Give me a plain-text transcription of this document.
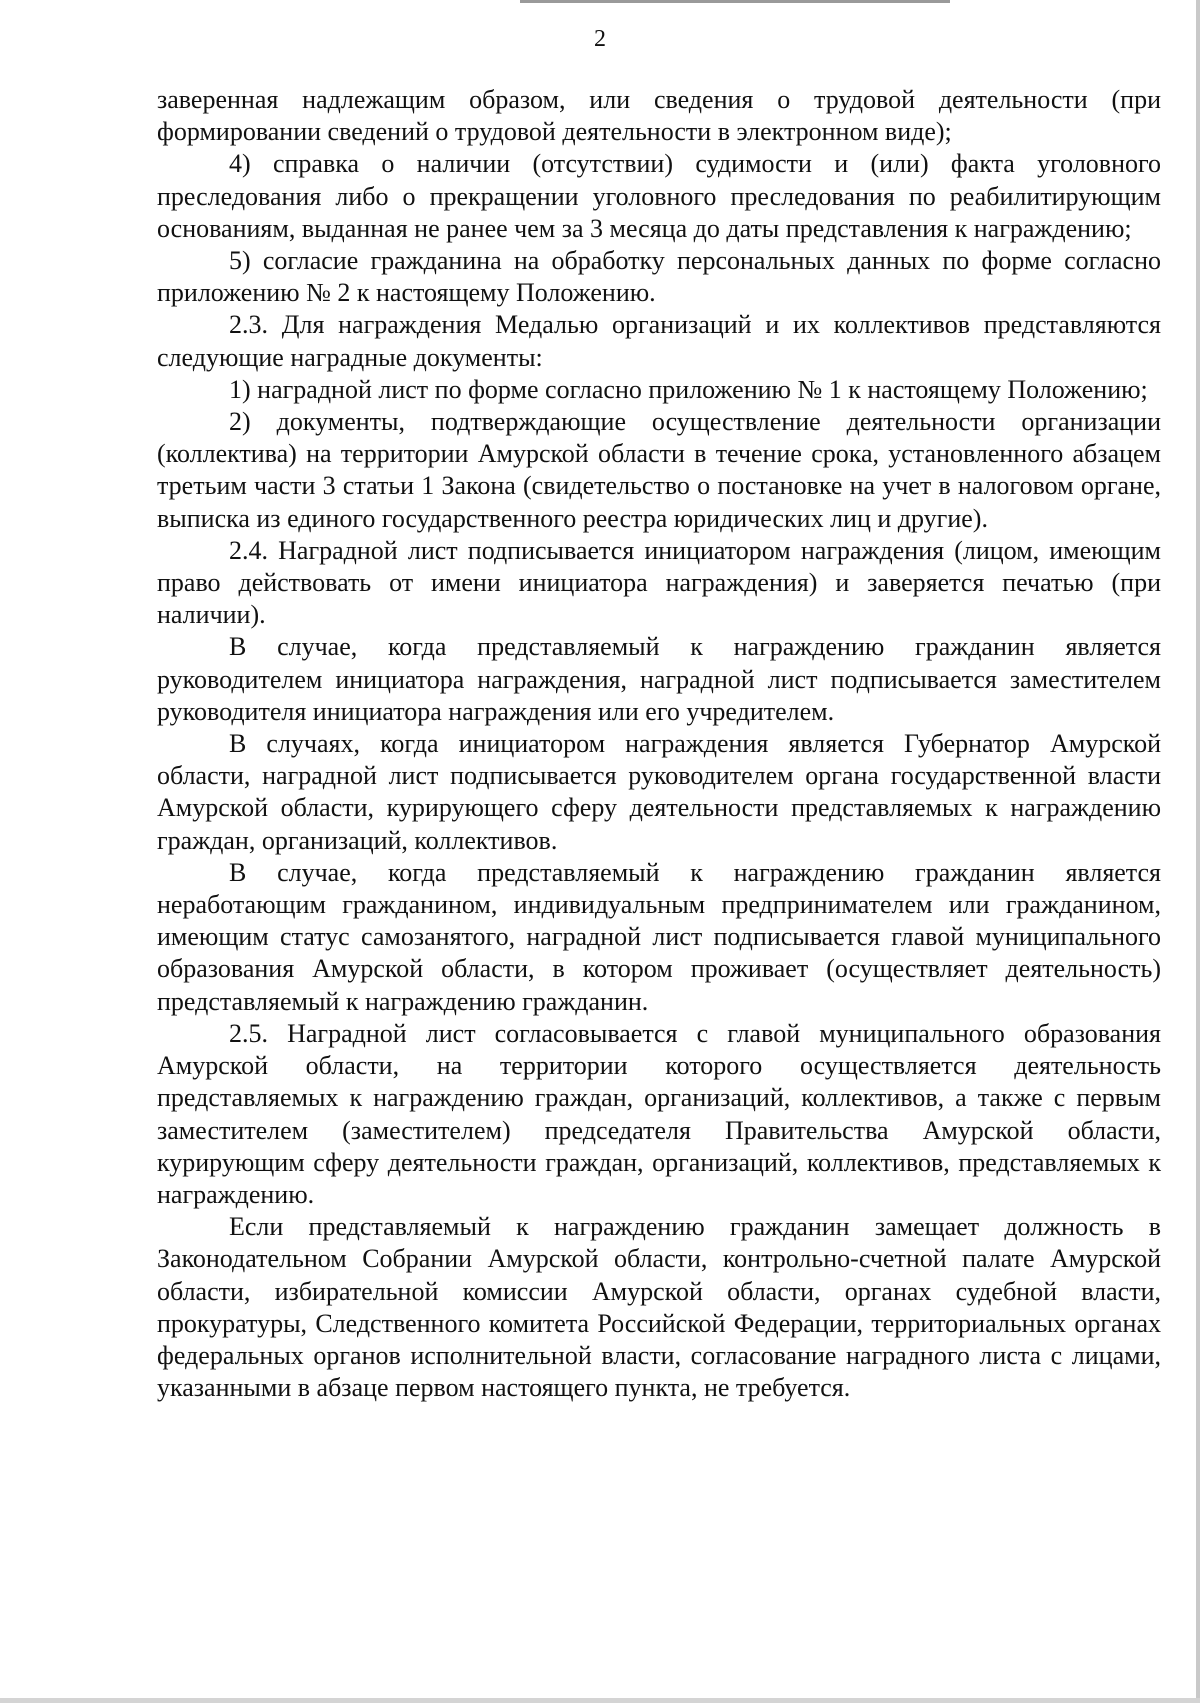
2

заверенная надлежащим образом, или сведения о трудовой деятельности (при формировании сведений о трудовой деятельности в электронном виде);

4) справка о наличии (отсутствии) судимости и (или) факта уголовного преследования либо о прекращении уголовного преследования по реабилитирующим основаниям, выданная не ранее чем за 3 месяца до даты представления к награждению;

5) согласие гражданина на обработку персональных данных по форме согласно приложению № 2 к настоящему Положению.

2.3. Для награждения Медалью организаций и их коллективов представляются следующие наградные документы:

1) наградной лист по форме согласно приложению № 1 к настоящему Положению;

2) документы, подтверждающие осуществление деятельности организации (коллектива) на территории Амурской области в течение срока, установленного абзацем третьим части 3 статьи 1 Закона (свидетельство о постановке на учет в налоговом органе, выписка из единого государственного реестра юридических лиц и другие).

2.4. Наградной лист подписывается инициатором награждения (лицом, имеющим право действовать от имени инициатора награждения) и заверяется печатью (при наличии).

В случае, когда представляемый к награждению гражданин является руководителем инициатора награждения, наградной лист подписывается заместителем руководителя инициатора награждения или его учредителем.

В случаях, когда инициатором награждения является Губернатор Амурской области, наградной лист подписывается руководителем органа государственной власти Амурской области, курирующего сферу деятельности представляемых к награждению граждан, организаций, коллективов.

В случае, когда представляемый к награждению гражданин является неработающим гражданином, индивидуальным предпринимателем или гражданином, имеющим статус самозанятого, наградной лист подписывается главой муниципального образования Амурской области, в котором проживает (осуществляет деятельность) представляемый к награждению гражданин.

2.5. Наградной лист согласовывается с главой муниципального образования Амурской области, на территории которого осуществляется деятельность представляемых к награждению граждан, организаций, коллективов, а также с первым заместителем (заместителем) председателя Правительства Амурской области, курирующим сферу деятельности граждан, организаций, коллективов, представляемых к награждению.

Если представляемый к награждению гражданин замещает должность в Законодательном Собрании Амурской области, контрольно-счетной палате Амурской области, избирательной комиссии Амурской области, органах судебной власти, прокуратуры, Следственного комитета Российской Федерации, территориальных органах федеральных органов исполнительной власти, согласование наградного листа с лицами, указанными в абзаце первом настоящего пункта, не требуется.
